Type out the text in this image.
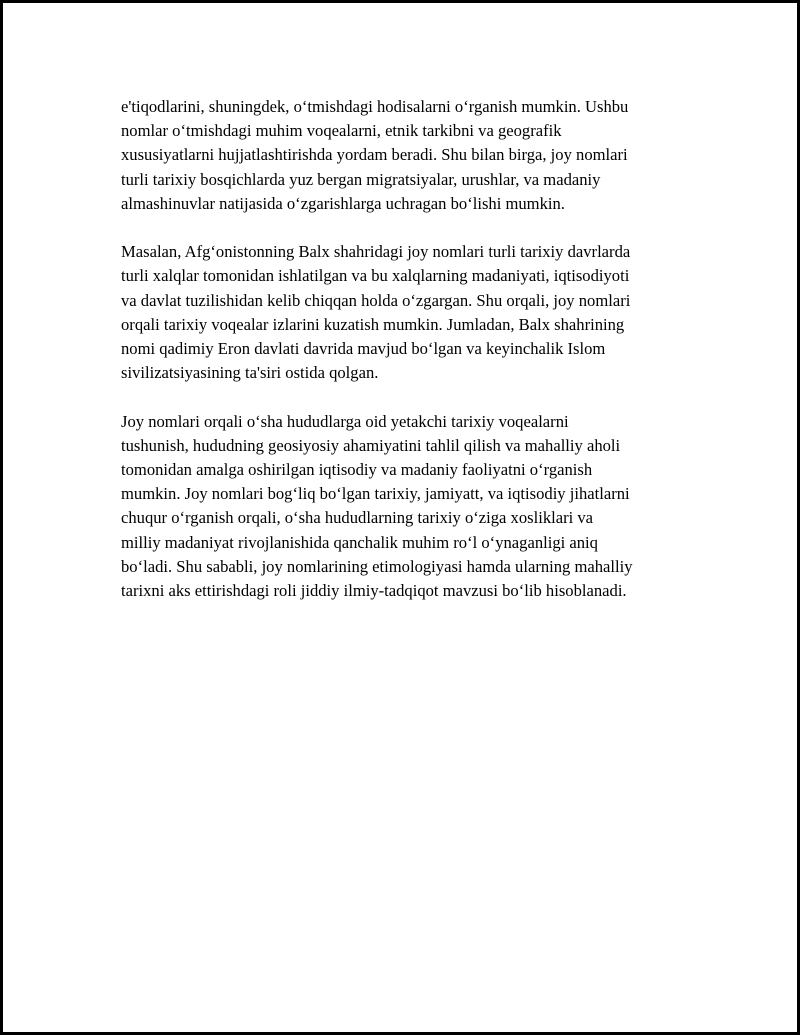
e'tiqodlarini, shuningdek, o‘tmishdagi hodisalarni o‘rganish mumkin. Ushbu
nomlar o‘tmishdagi muhim voqealarni, etnik tarkibni va geografik
xususiyatlarni hujjatlashtirishda yordam beradi. Shu bilan birga, joy nomlari
turli tarixiy bosqichlarda yuz bergan migratsiyalar, urushlar, va madaniy
almashinuvlar natijasida o‘zgarishlarga uchragan bo‘lishi mumkin.

Masalan, Afg‘onistonning Balx shahridagi joy nomlari turli tarixiy davrlarda
turli xalqlar tomonidan ishlatilgan va bu xalqlarning madaniyati, iqtisodiyoti
va davlat tuzilishidan kelib chiqqan holda o‘zgargan. Shu orqali, joy nomlari
orqali tarixiy voqealar izlarini kuzatish mumkin. Jumladan, Balx shahrining
nomi qadimiy Eron davlati davrida mavjud bo‘lgan va keyinchalik Islom
sivilizatsiyasining ta'siri ostida qolgan.

Joy nomlari orqali o‘sha hududlarga oid yetakchi tarixiy voqealarni
tushunish, hududning geosiyosiy ahamiyatini tahlil qilish va mahalliy aholi
tomonidan amalga oshirilgan iqtisodiy va madaniy faoliyatni o‘rganish
mumkin. Joy nomlari bog‘liq bo‘lgan tarixiy, jamiyatt, va iqtisodiy jihatlarni
chuqur o‘rganish orqali, o‘sha hududlarning tarixiy o‘ziga xosliklari va
milliy madaniyat rivojlanishida qanchalik muhim ro‘l o‘ynaganligi aniq
bo‘ladi. Shu sababli, joy nomlarining etimologiyasi hamda ularning mahalliy
tarixni aks ettirishdagi roli jiddiy ilmiy-tadqiqot mavzusi bo‘lib hisoblanadi.
